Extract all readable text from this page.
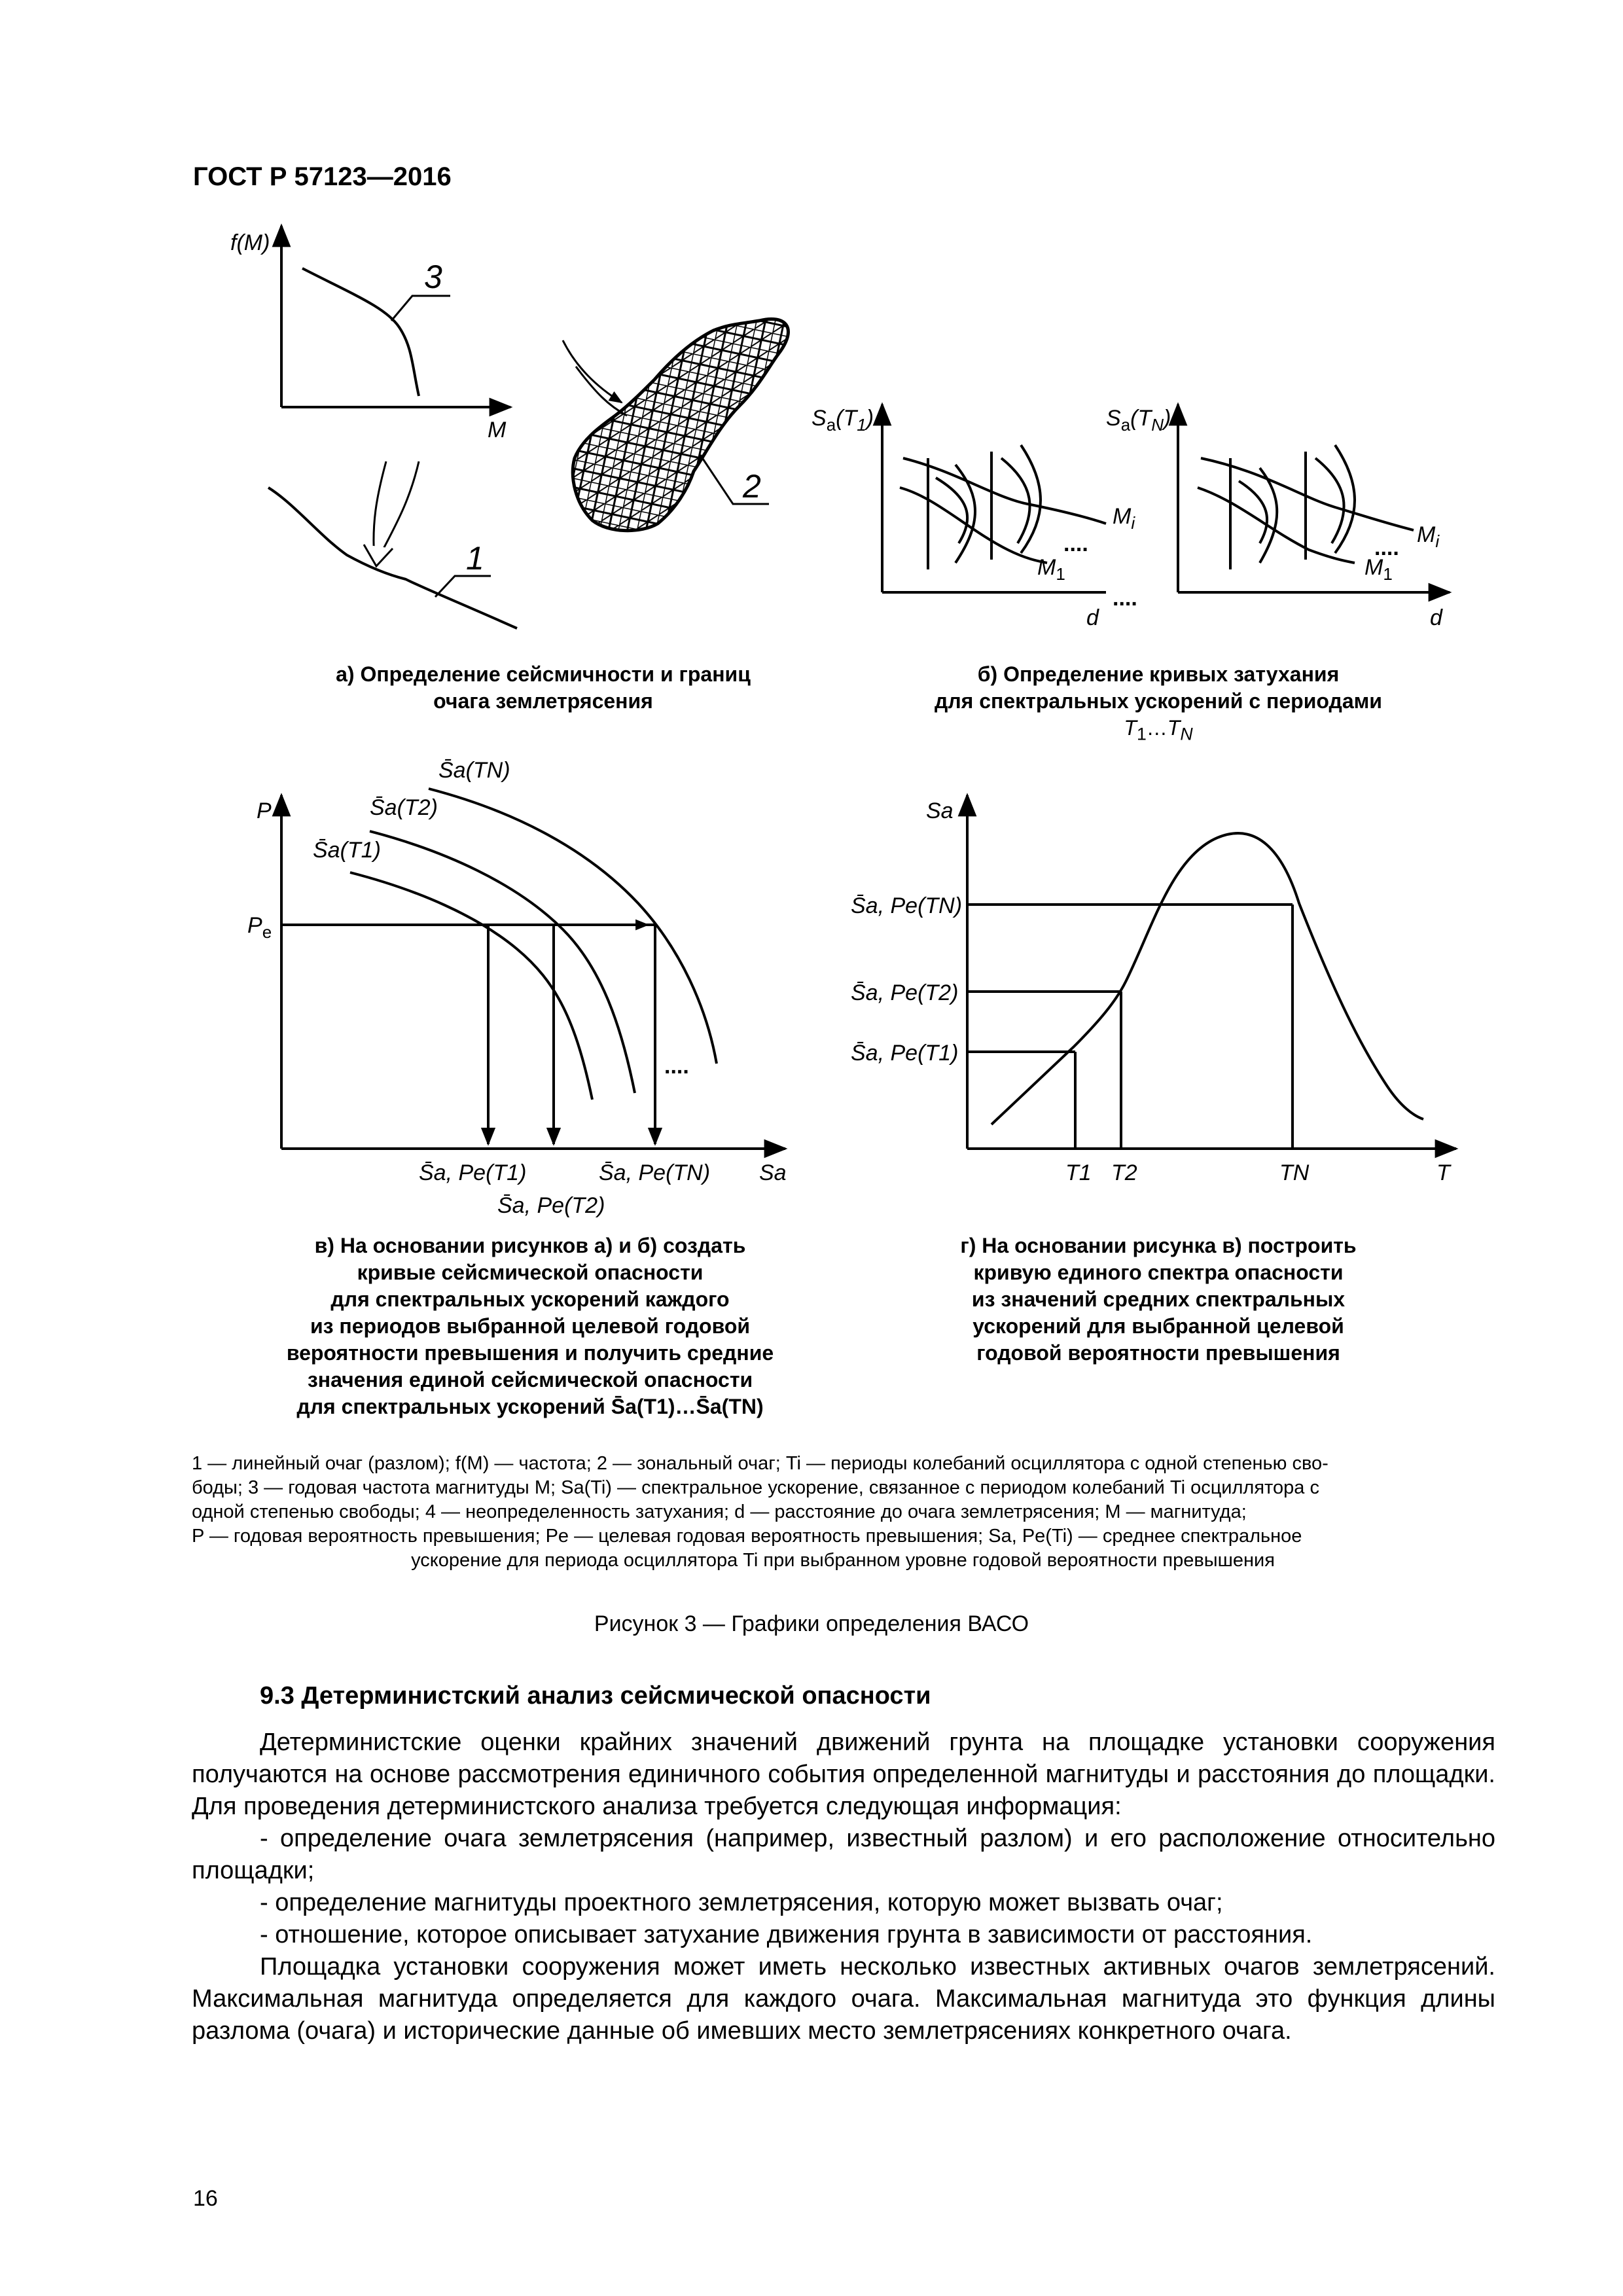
ГОСТ Р 57123—2016
f(M)
M
3
1
2
$S_a(T_1)$	$S_a(T_N)$
d	d
$M_i$
$M_1$
....
....
$M_i$
$M_1$
....
P
$P_e$
S̄a(T1)
S̄a(T2)
S̄a(TN)
....
S̄a, Pe(T1)
S̄a, Pe(T2)
S̄a, Pe(TN) Sa
Sa
S̄a, Pe(TN)
S̄a, Pe(T2)
S̄a, Pe(T1)
T1 T2	TN	T
а) Определение сейсмичности и границ
очага землетрясения
б) Определение кривых затухания
для спектральных ускорений с периодами
$T_1\dots T_N$
в) На основании рисунков а) и б) создать
кривые сейсмической опасности
для спектральных ускорений каждого
из периодов выбранной целевой годовой
вероятности превышения и получить средние
значения единой сейсмической опасности
для спектральных ускорений S̄a(T1)…S̄a(TN)
г) На основании рисунка в) построить
кривую единого спектра опасности
из значений средних спектральных
ускорений для выбранной целевой
годовой вероятности превышения

1 — линейный очаг (разлом); f(M) — частота; 2 — зональный очаг; Ti — периоды колебаний осциллятора с одной степенью сво-

боды; 3 — годовая частота магнитуды M; Sa(Ti) — спектральное ускорение, связанное с периодом колебаний Ti осциллятора с

одной степенью свободы; 4 — неопределенность затухания; d — расстояние до очага землетрясения; M — магнитуда;

P — годовая вероятность превышения; Pe — целевая годовая вероятность превышения; Sa, Pe(Ti) — среднее спектральное

ускорение для периода осциллятора Ti при выбранном уровне годовой вероятности превышения

Рисунок 3 — Графики определения ВАСО
9.3 Детерминистский анализ сейсмической опасности

Детерминистские оценки крайних значений движений грунта на площадке установки сооружения получаются на основе рассмотрения единичного события определенной магнитуды и расстояния до площадки. Для проведения детерминистского анализа требуется следующая информация:

- определение очага землетрясения (например, известный разлом) и его расположение относительно площадки;

- определение магнитуды проектного землетрясения, которую может вызвать очаг;

- отношение, которое описывает затухание движения грунта в зависимости от расстояния.

Площадка установки сооружения может иметь несколько известных активных очагов землетрясений. Максимальная магнитуда определяется для каждого очага. Максимальная магнитуда это функция длины разлома (очага) и исторические данные об имевших место землетрясениях конкретного очага.

16
